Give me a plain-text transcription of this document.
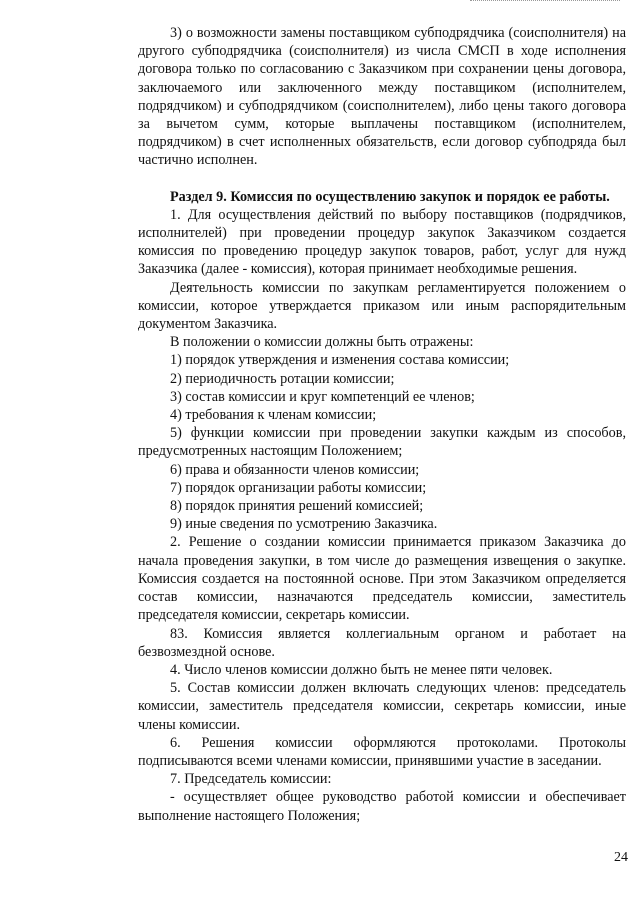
3) о возможности замены поставщиком субподрядчика (соисполнителя) на другого субподрядчика (соисполнителя) из числа СМСП в ходе исполнения договора только по согласованию с Заказчиком при сохранении цены договора, заключаемого или заключенного между поставщиком (исполнителем, подрядчиком) и субподрядчиком (соисполнителем), либо цены такого договора за вычетом сумм, которые выплачены поставщиком (исполнителем, подрядчиком) в счет исполненных обязательств, если договор субподряда был частично исполнен.

Раздел 9. Комиссия по осуществлению закупок и порядок ее работы.

1. Для осуществления действий по выбору поставщиков (подрядчиков, исполнителей) при проведении процедур закупок Заказчиком создается комиссия по проведению процедур закупок товаров, работ, услуг для нужд Заказчика (далее - комиссия), которая принимает необходимые решения.

Деятельность комиссии по закупкам регламентируется положением о комиссии, которое утверждается приказом или иным распорядительным документом Заказчика.

В положении о комиссии должны быть отражены:

1) порядок утверждения и изменения состава комиссии;

2) периодичность ротации комиссии;

3) состав комиссии и круг компетенций ее членов;

4) требования к членам комиссии;

5) функции комиссии при проведении закупки каждым из способов, предусмотренных настоящим Положением;

6) права и обязанности членов комиссии;

7) порядок организации работы комиссии;

8) порядок принятия решений комиссией;

9) иные сведения по усмотрению Заказчика.

2. Решение о создании комиссии принимается приказом Заказчика до начала проведения закупки, в том числе до размещения извещения о закупке. Комиссия создается на постоянной основе. При этом Заказчиком определяется состав комиссии, назначаются председатель комиссии, заместитель председателя комиссии, секретарь комиссии.

83. Комиссия является коллегиальным органом и работает на безвозмездной основе.

4. Число членов комиссии должно быть не менее пяти человек.

5. Состав комиссии должен включать следующих членов: председатель комиссии, заместитель председателя комиссии, секретарь комиссии, иные члены комиссии.

6. Решения комиссии оформляются протоколами. Протоколы подписываются всеми членами комиссии, принявшими участие в заседании.

7. Председатель комиссии:

- осуществляет общее руководство работой комиссии и обеспечивает выполнение настоящего Положения;

24
